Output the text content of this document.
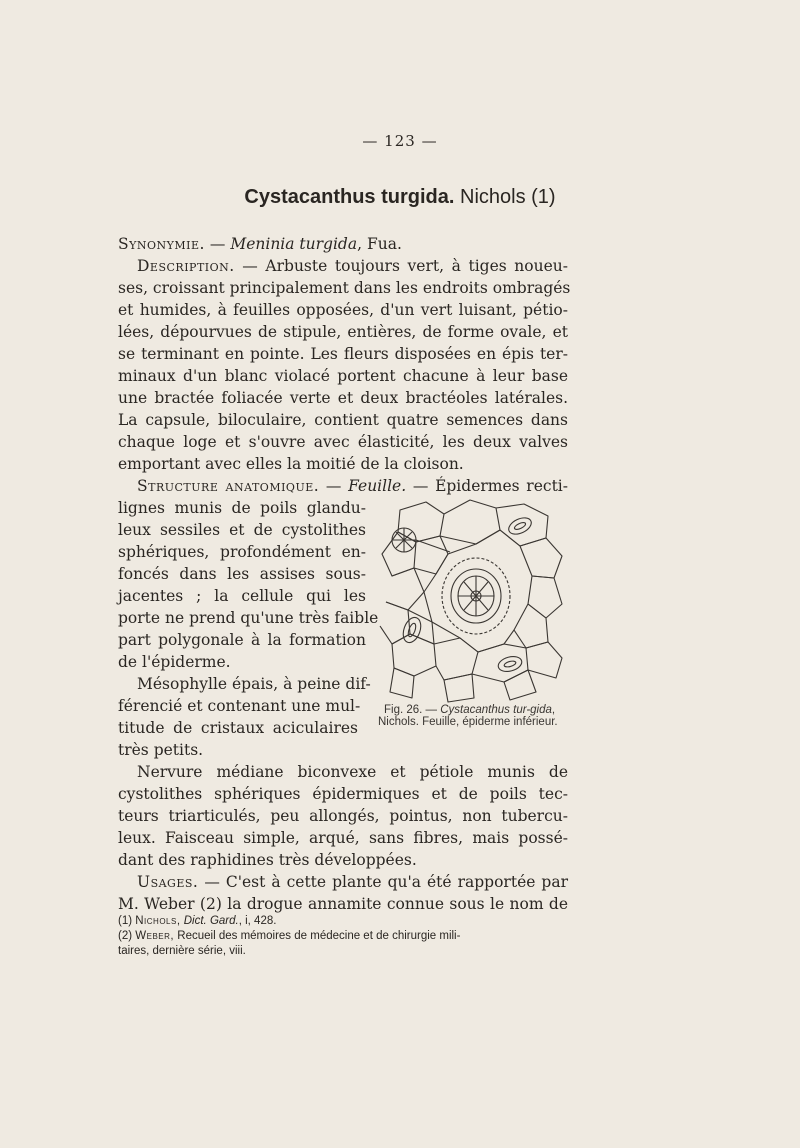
— 123 —
Cystacanthus turgida. Nichols (1)
Synonymie. — Meninia turgida, Fua.
Description. — Arbuste toujours vert, à tiges noueu-
ses, croissant principalement dans les endroits ombragés
et humides, à feuilles opposées, d'un vert luisant, pétio-
lées, dépourvues de stipule, entières, de forme ovale, et
se terminant en pointe. Les fleurs disposées en épis ter-
minaux d'un blanc violacé portent chacune à leur base
une bractée foliacée verte et deux bractéoles latérales.
La capsule, biloculaire, contient quatre semences dans
chaque loge et s'ouvre avec élasticité, les deux valves
emportant avec elles la moitié de la cloison.
Structure anatomique. — Feuille. — Épidermes recti-
lignes munis de poils glandu-
leux sessiles et de cystolithes
sphériques, profondément en-
foncés dans les assises sous-
jacentes ; la cellule qui les
porte ne prend qu'une très faible
part polygonale à la formation
de l'épiderme.
Mésophylle épais, à peine dif-
férencié et contenant une mul-
titude de cristaux aciculaires
très petits.
Nervure médiane biconvexe et pétiole munis de
cystolithes sphériques épidermiques et de poils tec-
teurs triarticulés, peu allongés, pointus, non tubercu-
leux. Faisceau simple, arqué, sans fibres, mais possé-
dant des raphidines très développées.
Usages. — C'est à cette plante qu'a été rapportée par
M. Weber (2) la drogue annamite connue sous le nom de
Fig. 26. — Cystacanthus tur-gida, Nichols. Feuille, épiderme inférieur.
(1) Nichols, Dict. Gard., i, 428.
(2) Weber, Recueil des mémoires de médecine et de chirurgie mili-
taires, dernière série, viii.
